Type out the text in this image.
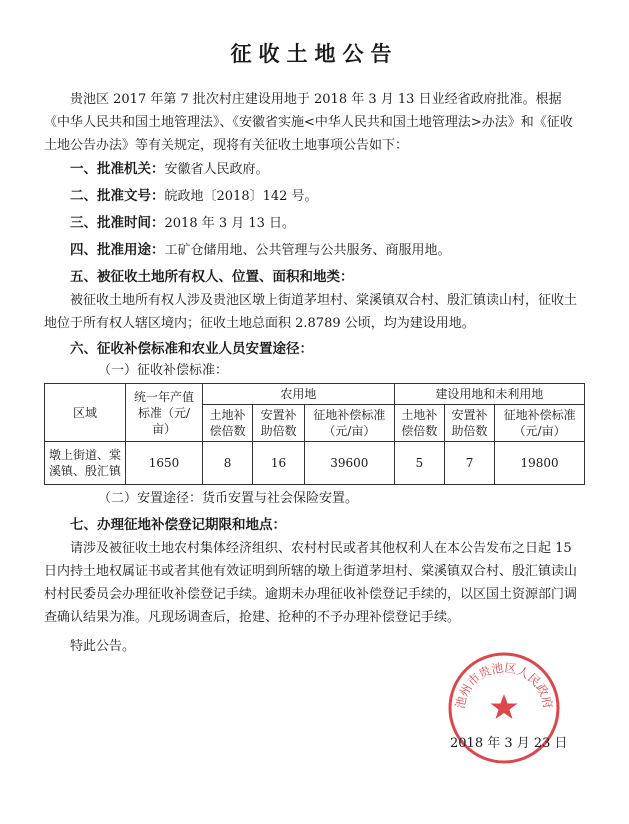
征收土地公告

贵池区 2017 年第 7 批次村庄建设用地于 2018 年 3 月 13 日业经省政府批准。根据《中华人民共和国土地管理法》、《安徽省实施<中华人民共和国土地管理法>办法》和《征收土地公告办法》等有关规定，现将有关征收土地事项公告如下：

一、批准机关：安徽省人民政府。
二、批准文号：皖政地〔2018〕142 号。
三、批准时间：2018 年 3 月 13 日。
四、批准用途：工矿仓储用地、公共管理与公共服务、商服用地。
五、被征收土地所有权人、位置、面积和地类：

被征收土地所有权人涉及贵池区墩上街道茅坦村、棠溪镇双合村、殷汇镇读山村，征收土地位于所有权人辖区境内；征收土地总面积 2.8789 公顷，均为建设用地。

六、征收补偿标准和农业人员安置途径：
（一）征收补偿标准：
区域	统一年产值标准（元/亩）	农用地			建设用地和未利用地		
		土地补偿倍数	安置补助倍数	征地补偿标准（元/亩）	土地补偿倍数	安置补助倍数	征地补偿标准（元/亩）
墩上街道、棠溪镇、殷汇镇	1650	8	16	39600	5	7	19800
（二）安置途径：货币安置与社会保险安置。
七、办理征地补偿登记期限和地点：

请涉及被征收土地农村集体经济组织、农村村民或者其他权利人在本公告发布之日起 15 日内持土地权属证书或者其他有效证明到所辖的墩上街道茅坦村、棠溪镇双合村、殷汇镇读山村村民委员会办理征收补偿登记手续。逾期未办理征收补偿登记手续的，以区国土资源部门调查确认结果为准。凡现场调查后，抢建、抢种的不予办理补偿登记手续。

特此公告。

池州市贵池区人民政府
2018 年 3 月 23 日
